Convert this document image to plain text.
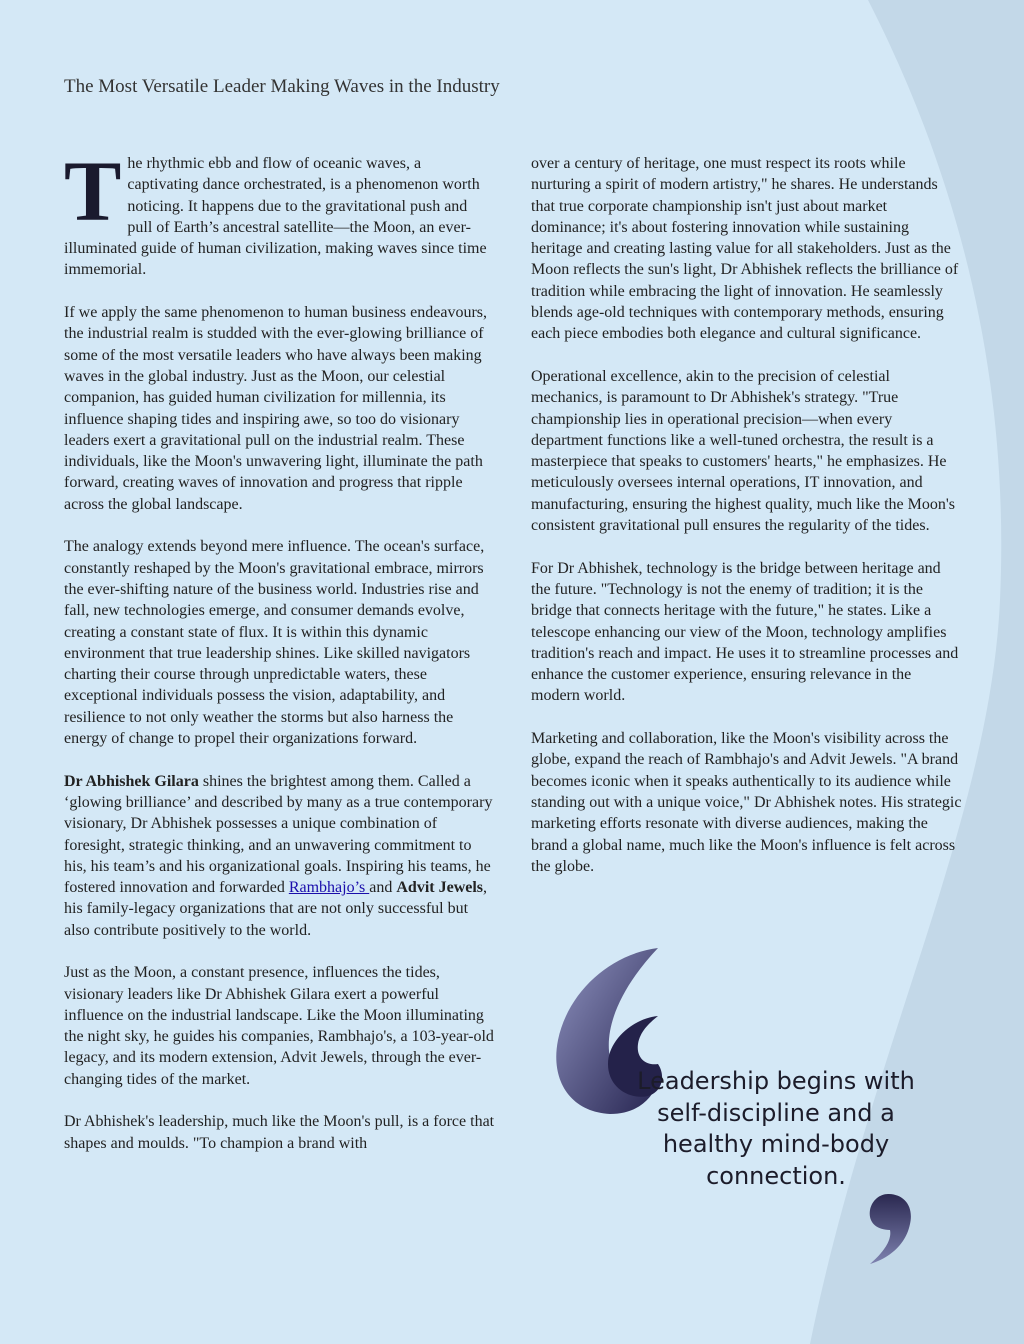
The Most Versatile Leader Making Waves in the Industry

The rhythmic ebb and flow of oceanic waves, a captivating dance orchestrated, is a phenomenon worth noticing. It happens due to the gravitational push and pull of Earth’s ancestral satellite—the Moon, an ever-illuminated guide of human civilization, making waves since time immemorial.

If we apply the same phenomenon to human business endeavours, the industrial realm is studded with the ever-glowing brilliance of some of the most versatile leaders who have always been making waves in the global industry. Just as the Moon, our celestial companion, has guided human civilization for millennia, its influence shaping tides and inspiring awe, so too do visionary leaders exert a gravitational pull on the industrial realm. These individuals, like the Moon's unwavering light, illuminate the path forward, creating waves of innovation and progress that ripple across the global landscape.

The analogy extends beyond mere influence. The ocean's surface, constantly reshaped by the Moon's gravitational embrace, mirrors the ever-shifting nature of the business world. Industries rise and fall, new technologies emerge, and consumer demands evolve, creating a constant state of flux. It is within this dynamic environment that true leadership shines. Like skilled navigators charting their course through unpredictable waters, these exceptional individuals possess the vision, adaptability, and resilience to not only weather the storms but also harness the energy of change to propel their organizations forward.

Dr Abhishek Gilara shines the brightest among them. Called a ‘glowing brilliance’ and described by many as a true contemporary visionary, Dr Abhishek possesses a unique combination of foresight, strategic thinking, and an unwavering commitment to his, his team’s and his organizational goals. Inspiring his teams, he fostered innovation and forwarded Rambhajo’s and Advit Jewels, his family-legacy organizations that are not only successful but also contribute positively to the world.

Just as the Moon, a constant presence, influences the tides, visionary leaders like Dr Abhishek Gilara exert a powerful influence on the industrial landscape. Like the Moon illuminating the night sky, he guides his companies, Rambhajo's, a 103-year-old legacy, and its modern extension, Advit Jewels, through the ever-changing tides of the market.

Dr Abhishek's leadership, much like the Moon's pull, is a force that shapes and moulds. "To champion a brand with

over a century of heritage, one must respect its roots while nurturing a spirit of modern artistry," he shares. He understands that true corporate championship isn't just about market dominance; it's about fostering innovation while sustaining heritage and creating lasting value for all stakeholders. Just as the Moon reflects the sun's light, Dr Abhishek reflects the brilliance of tradition while embracing the light of innovation. He seamlessly blends age-old techniques with contemporary methods, ensuring each piece embodies both elegance and cultural significance.

Operational excellence, akin to the precision of celestial mechanics, is paramount to Dr Abhishek's strategy. "True championship lies in operational precision—when every department functions like a well-tuned orchestra, the result is a masterpiece that speaks to customers' hearts," he emphasizes. He meticulously oversees internal operations, IT innovation, and manufacturing, ensuring the highest quality, much like the Moon's consistent gravitational pull ensures the regularity of the tides.

For Dr Abhishek, technology is the bridge between heritage and the future. "Technology is not the enemy of tradition; it is the bridge that connects heritage with the future," he states. Like a telescope enhancing our view of the Moon, technology amplifies tradition's reach and impact. He uses it to streamline processes and enhance the customer experience, ensuring relevance in the modern world.

Marketing and collaboration, like the Moon's visibility across the globe, expand the reach of Rambhajo's and Advit Jewels. "A brand becomes iconic when it speaks authentically to its audience while standing out with a unique voice," Dr Abhishek notes. His strategic marketing efforts resonate with diverse audiences, making the brand a global name, much like the Moon's influence is felt across the globe.

Leadership begins with self-discipline and a healthy mind-body connection.
